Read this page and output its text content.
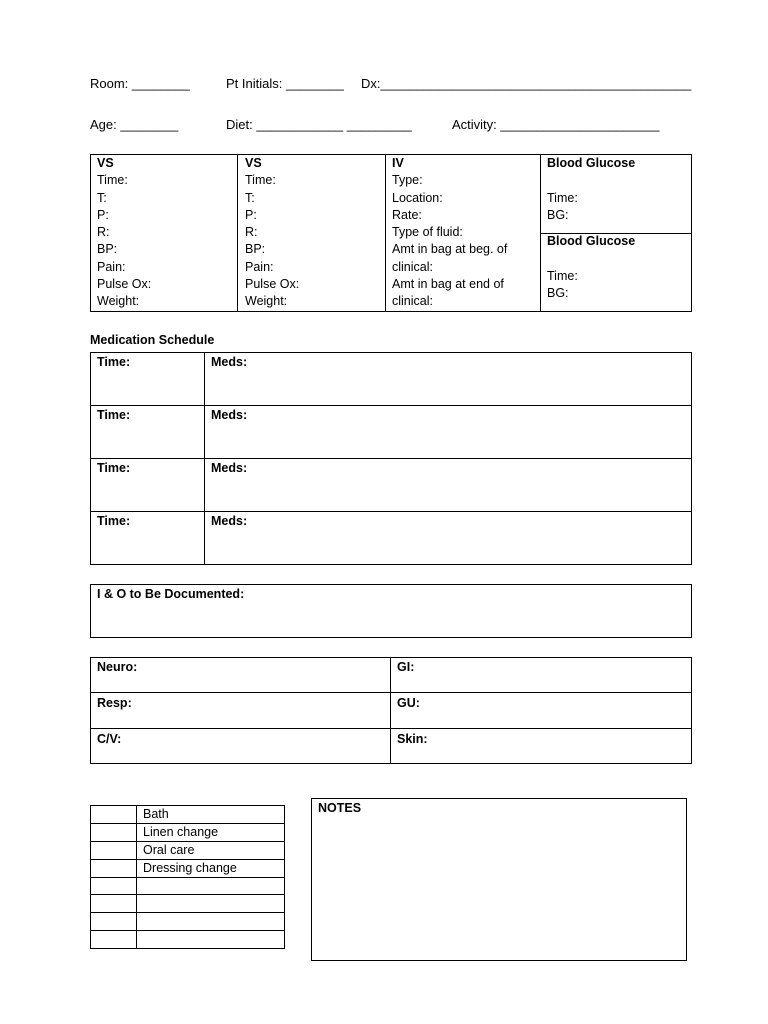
Room: ________	Pt Initials: ________ Dx:___________________________________________
Age: ________	Diet: ____________ _________	Activity: ______________________
VS
Time:
T:
P:
R:
BP:
Pain:
Pulse Ox:
Weight:
VS
Time:
T:
P:
R:
BP:
Pain:
Pulse Ox:
Weight:
IV
Type:
Location:
Rate:
Type of fluid:
Amt in bag at beg. of
clinical:
Amt in bag at end of
clinical:
Blood Glucose
Time:
BG:
Blood Glucose
Time:
BG:
Medication Schedule
Time:	Meds:
Time:	Meds:
Time:	Meds:
Time:	Meds:
I & O to Be Documented:
Neuro:	GI:
Resp:	GU:
C/V:	Skin:
	Bath
	Linen change
	Oral care
	Dressing change

NOTES
